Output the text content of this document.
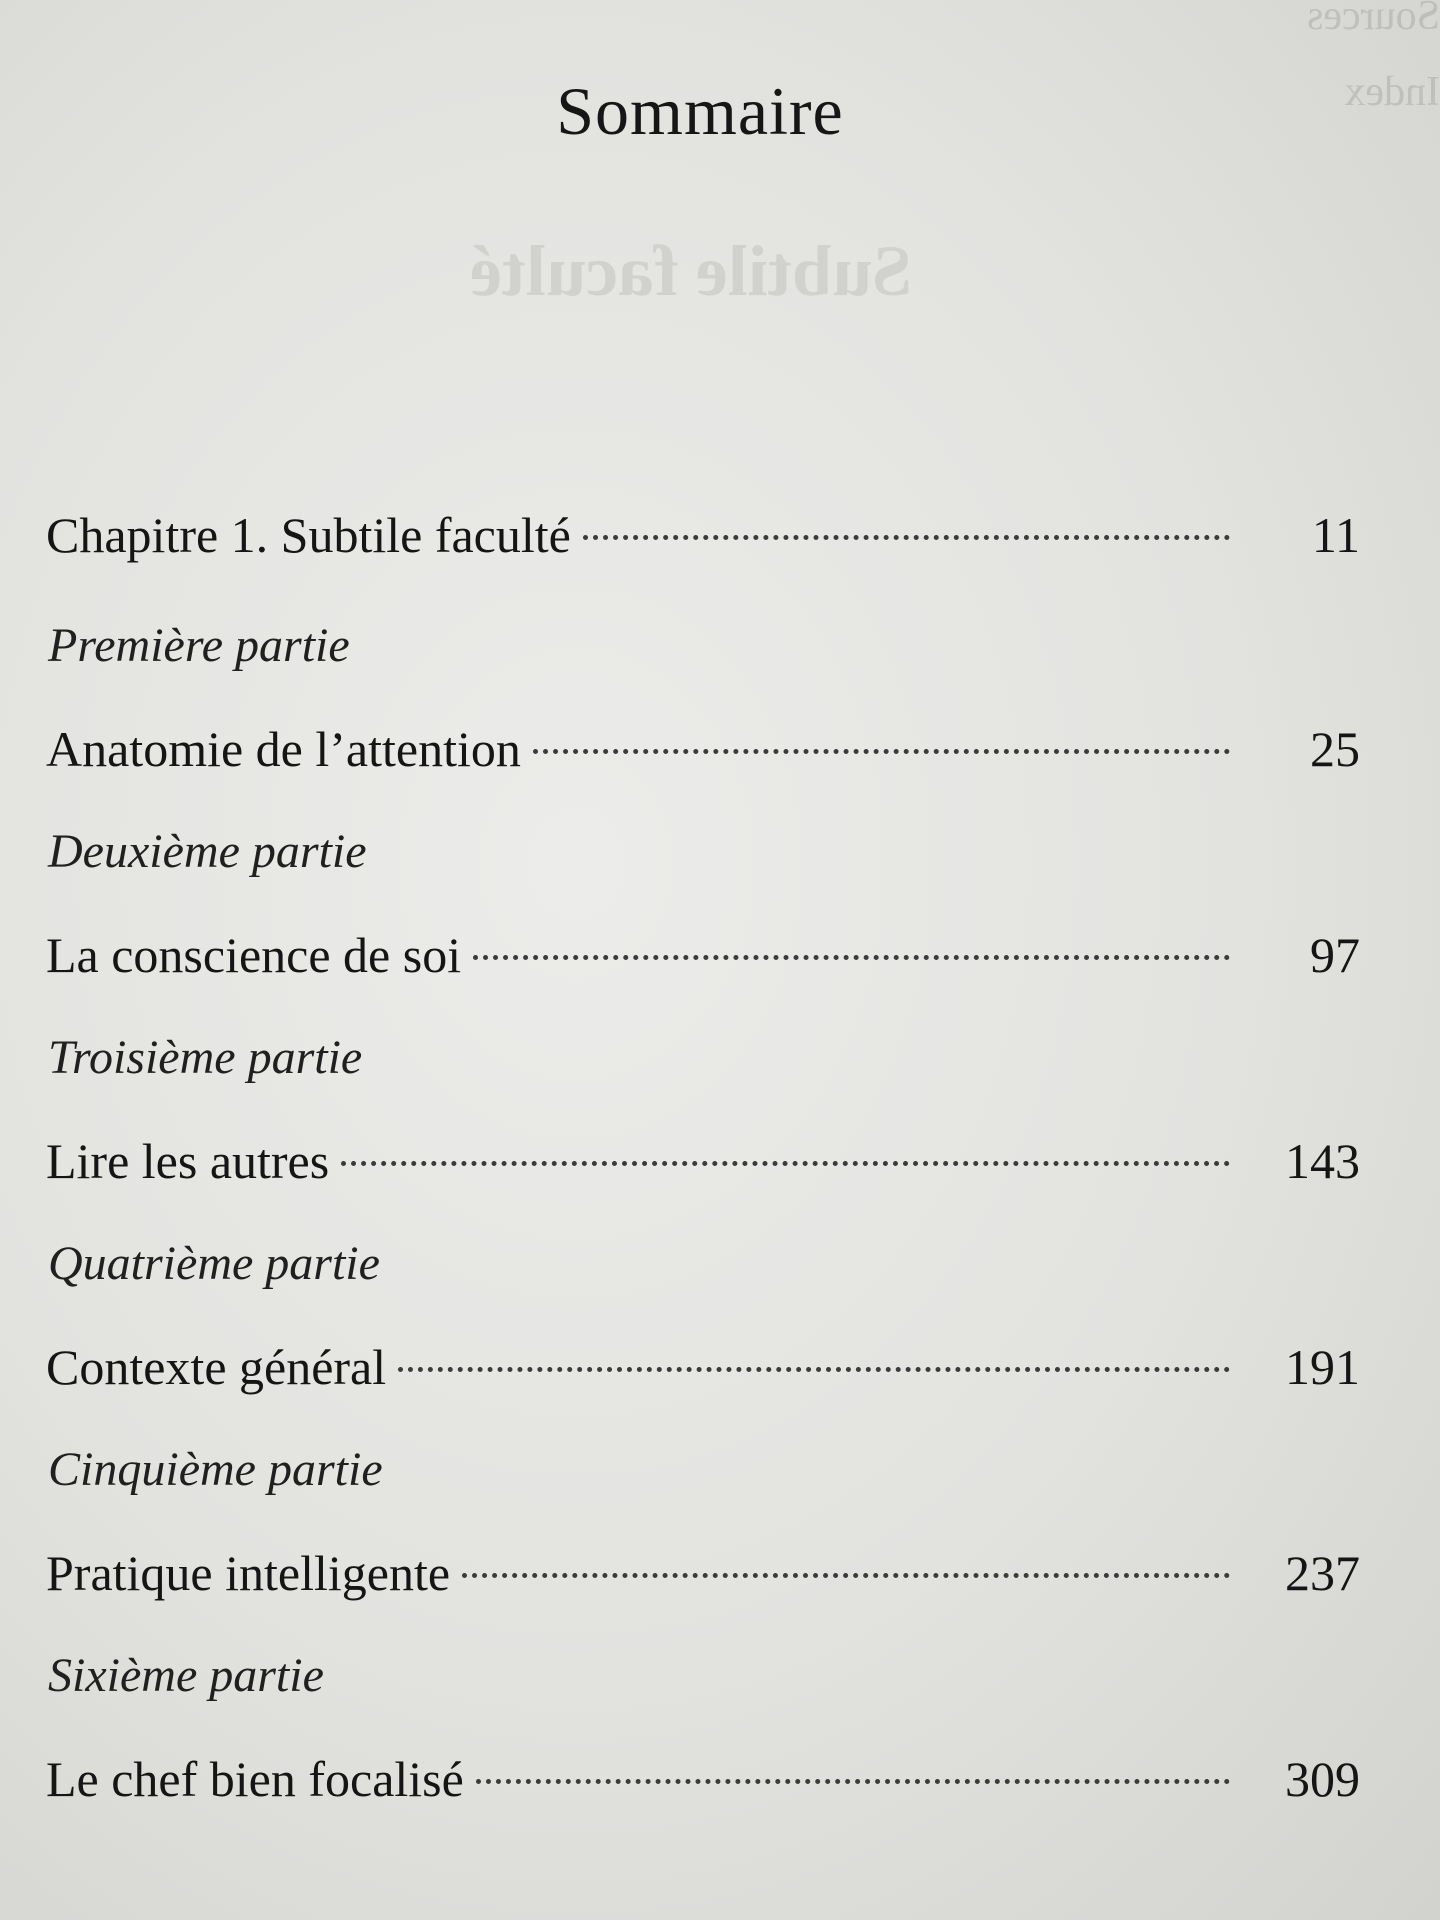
Sources
Index
Subtile faculté
Sommaire
Chapitre 1. Subtile faculté	11
Première partie
Anatomie de l’attention	25
Deuxième partie
La conscience de soi	97
Troisième partie
Lire les autres	143
Quatrième partie
Contexte général	191
Cinquième partie
Pratique intelligente	237
Sixième partie
Le chef bien focalisé	309
